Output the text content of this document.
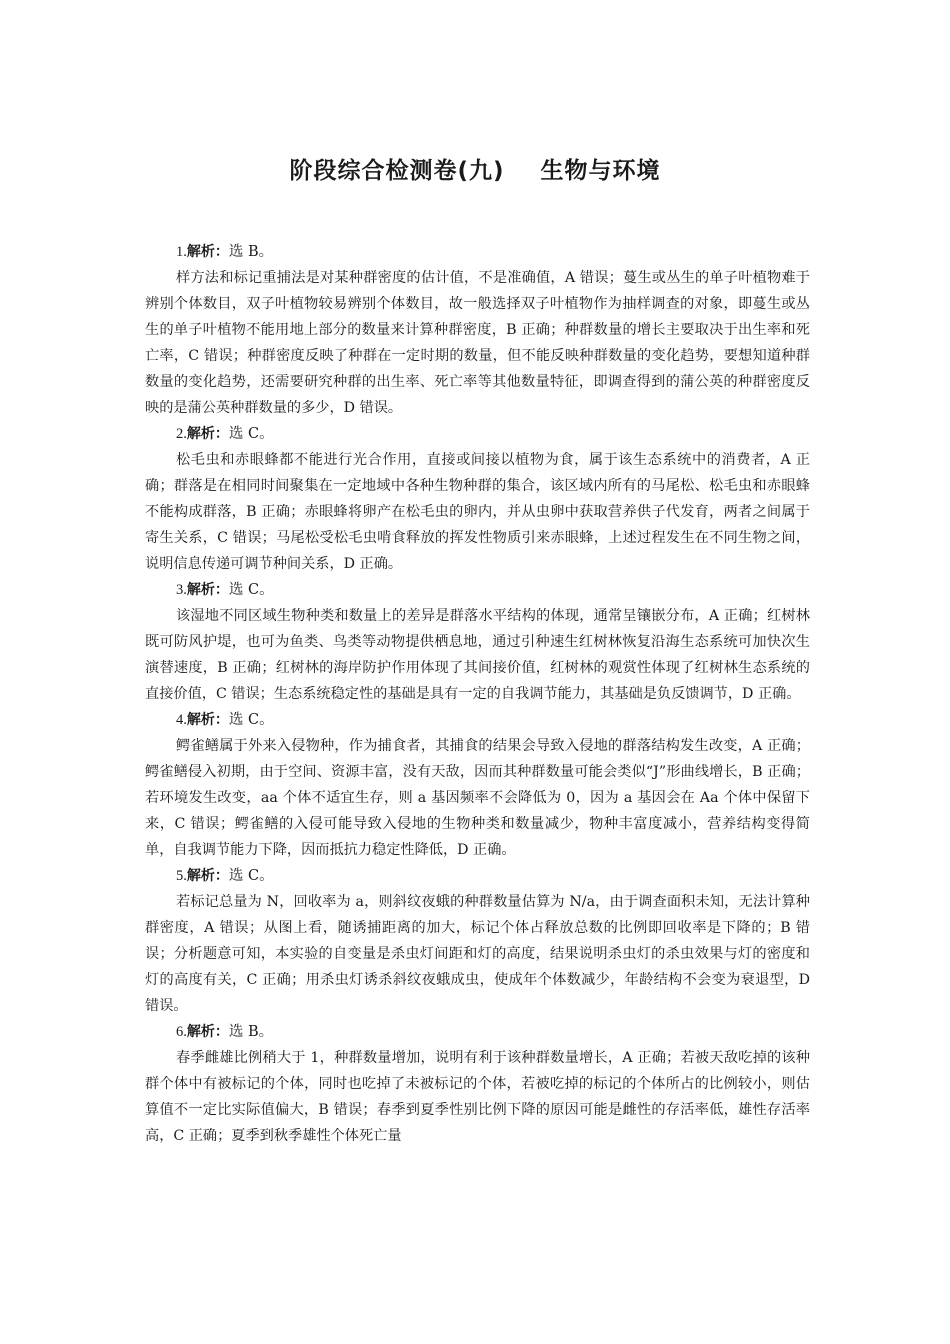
阶段综合检测卷(九)    生物与环境

1.解析：选 B。

样方法和标记重捕法是对某种群密度的估计值，不是准确值，A 错误；蔓生或丛生的单子叶植物难于辨别个体数目，双子叶植物较易辨别个体数目，故一般选择双子叶植物作为抽样调查的对象，即蔓生或丛生的单子叶植物不能用地上部分的数量来计算种群密度，B 正确；种群数量的增长主要取决于出生率和死亡率，C 错误；种群密度反映了种群在一定时期的数量，但不能反映种群数量的变化趋势，要想知道种群数量的变化趋势，还需要研究种群的出生率、死亡率等其他数量特征，即调查得到的蒲公英的种群密度反映的是蒲公英种群数量的多少，D 错误。

2.解析：选 C。

松毛虫和赤眼蜂都不能进行光合作用，直接或间接以植物为食，属于该生态系统中的消费者，A 正确；群落是在相同时间聚集在一定地域中各种生物种群的集合，该区域内所有的马尾松、松毛虫和赤眼蜂不能构成群落，B 正确；赤眼蜂将卵产在松毛虫的卵内，并从虫卵中获取营养供子代发育，两者之间属于寄生关系，C 错误；马尾松受松毛虫啃食释放的挥发性物质引来赤眼蜂，上述过程发生在不同生物之间，说明信息传递可调节种间关系，D 正确。

3.解析：选 C。

该湿地不同区域生物种类和数量上的差异是群落水平结构的体现，通常呈镶嵌分布，A 正确；红树林既可防风护堤，也可为鱼类、鸟类等动物提供栖息地，通过引种速生红树林恢复沿海生态系统可加快次生演替速度，B 正确；红树林的海岸防护作用体现了其间接价值，红树林的观赏性体现了红树林生态系统的直接价值，C 错误；生态系统稳定性的基础是具有一定的自我调节能力，其基础是负反馈调节，D 正确。

4.解析：选 C。

鳄雀鳝属于外来入侵物种，作为捕食者，其捕食的结果会导致入侵地的群落结构发生改变，A 正确；鳄雀鳝侵入初期，由于空间、资源丰富，没有天敌，因而其种群数量可能会类似“J”形曲线增长，B 正确；若环境发生改变，aa 个体不适宜生存，则 a 基因频率不会降低为 0，因为 a 基因会在 Aa 个体中保留下来，C 错误；鳄雀鳝的入侵可能导致入侵地的生物种类和数量减少，物种丰富度减小，营养结构变得简单，自我调节能力下降，因而抵抗力稳定性降低，D 正确。

5.解析：选 C。

若标记总量为 N，回收率为 a，则斜纹夜蛾的种群数量估算为 N/a，由于调查面积未知，无法计算种群密度，A 错误；从图上看，随诱捕距离的加大，标记个体占释放总数的比例即回收率是下降的；B 错误；分析题意可知，本实验的自变量是杀虫灯间距和灯的高度，结果说明杀虫灯的杀虫效果与灯的密度和灯的高度有关，C 正确；用杀虫灯诱杀斜纹夜蛾成虫，使成年个体数减少，年龄结构不会变为衰退型，D 错误。

6.解析：选 B。

春季雌雄比例稍大于 1，种群数量增加，说明有利于该种群数量增长，A 正确；若被天敌吃掉的该种群个体中有被标记的个体，同时也吃掉了未被标记的个体，若被吃掉的标记的个体所占的比例较小，则估算值不一定比实际值偏大，B 错误；春季到夏季性别比例下降的原因可能是雌性的存活率低，雄性存活率高，C 正确；夏季到秋季雄性个体死亡量
